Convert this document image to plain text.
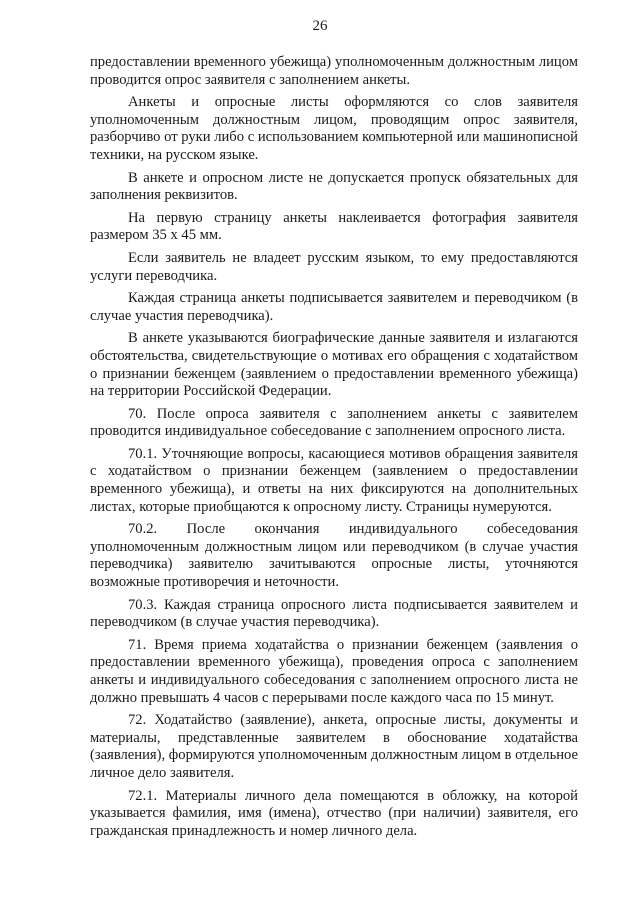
26

предоставлении временного убежища) уполномоченным должностным лицом проводится опрос заявителя с заполнением анкеты.

Анкеты и опросные листы оформляются со слов заявителя уполномоченным должностным лицом, проводящим опрос заявителя, разборчиво от руки либо с использованием компьютерной или машинописной техники, на русском языке.

В анкете и опросном листе не допускается пропуск обязательных для заполнения реквизитов.

На первую страницу анкеты наклеивается фотография заявителя размером 35 х 45 мм.

Если заявитель не владеет русским языком, то ему предоставляются услуги переводчика.

Каждая страница анкеты подписывается заявителем и переводчиком (в случае участия переводчика).

В анкете указываются биографические данные заявителя и излагаются обстоятельства, свидетельствующие о мотивах его обращения с ходатайством о признании беженцем (заявлением о предоставлении временного убежища) на территории Российской Федерации.

70. После опроса заявителя с заполнением анкеты с заявителем проводится индивидуальное собеседование с заполнением опросного листа.

70.1. Уточняющие вопросы, касающиеся мотивов обращения заявителя с ходатайством о признании беженцем (заявлением о предоставлении временного убежища), и ответы на них фиксируются на дополнительных листах, которые приобщаются к опросному листу. Страницы нумеруются.

70.2. После окончания индивидуального собеседования уполномоченным должностным лицом или переводчиком (в случае участия переводчика) заявителю зачитываются опросные листы, уточняются возможные противоречия и неточности.

70.3. Каждая страница опросного листа подписывается заявителем и переводчиком (в случае участия переводчика).

71. Время приема ходатайства о признании беженцем (заявления о предоставлении временного убежища), проведения опроса с заполнением анкеты и индивидуального собеседования с заполнением опросного листа не должно превышать 4 часов с перерывами после каждого часа по 15 минут.

72. Ходатайство (заявление), анкета, опросные листы, документы и материалы, представленные заявителем в обоснование ходатайства (заявления), формируются уполномоченным должностным лицом в отдельное личное дело заявителя.

72.1. Материалы личного дела помещаются в обложку, на которой указывается фамилия, имя (имена), отчество (при наличии) заявителя, его гражданская принадлежность и номер личного дела.
